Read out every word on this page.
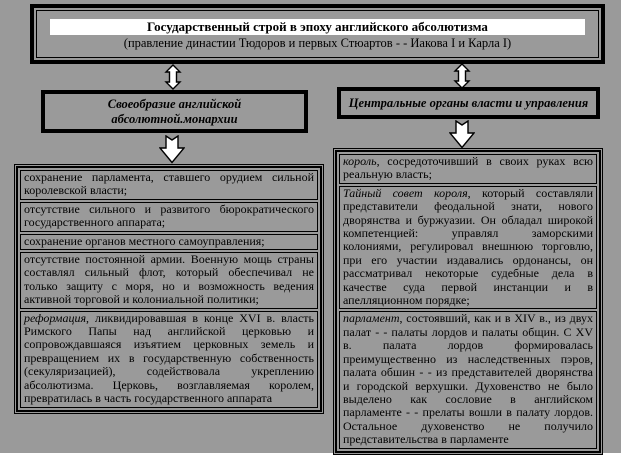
Государственный строй в эпоху английского абсолютизма
(правление династии Тюдоров и первых Стюартов - - Иакова I и Карла I)
Своеобразие английской
абсолютной.монархии
Центральные органы власти и управления
сохранение парламента, ставшего орудием сильной королевской власти;
отсутствие сильного и развитого бюрократического государственного аппарата;
сохранение органов местного самоуправления;
отсутствие постоянной армии. Военную мощь страны составлял сильный флот, который обеспечивал не только защиту с моря, но и возможность ведения активной торговой и колониальной политики;
реформация, ликвидировавшая в конце XVI в. власть Римского Папы над английской церковью и сопровождавшаяся изъятием церковных земель и превращением их в государственную собственность (секуляризацией), содействовала укреплению абсолютизма. Церковь, возглавляемая королем, превратилась в часть государственного аппарата
король, сосредоточивший в своих руках всю реальную власть;
Тайный совет короля, который составляли представители феодальной знати, нового дворянства и буржуазии. Он обладал широкой компетенцией: управлял заморскими колониями, регулировал внешнюю торговлю, при его участии издавались ордонансы, он рассматривал некоторые судебные дела в качестве суда первой инстанции и в апелляционном порядке;
парламент, состоявший, как и в XIV в., из двух палат - - палаты лордов и палаты общин. С XV в. палата лордов формировалась преимущественно из наследственных пэров, палата обшин - - из представителей дворянства и городской верхушки. Духовенство не было выделено как сословие в английском парламенте - - прелаты вошли в палату лордов. Остальное духовенство не получило представительства в парламенте
